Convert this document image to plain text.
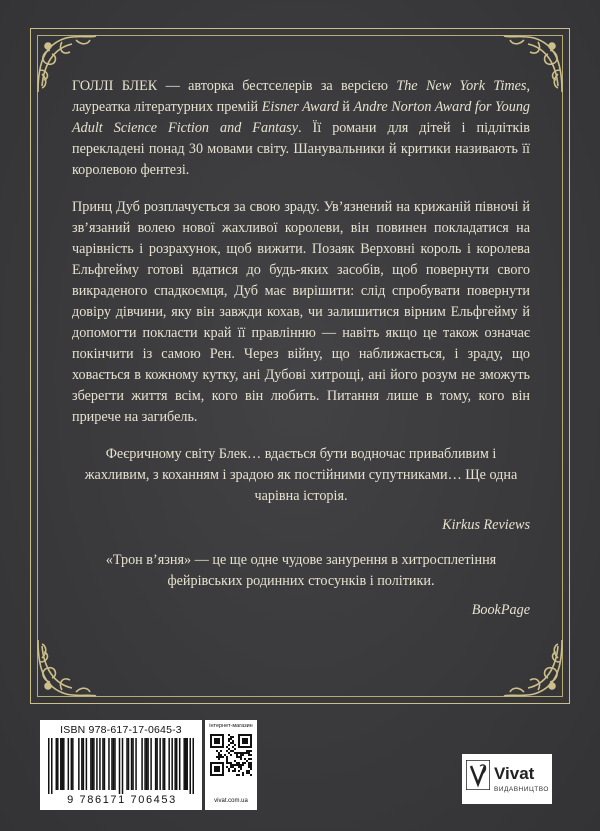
ГОЛЛІ БЛЕК — авторка бестселерів за версією The New York Times, лауреатка літературних премій Eisner Award й Andre Norton Award for Young Adult Science Fiction and Fantasy. Її романи для дітей і підлітків перекладені понад 30 мовами світу. Шанувальники й критики називають її королевою фентезі.

Принц Дуб розплачується за свою зраду. Ув’язнений на крижаній півночі й зв’язаний волею нової жахливої королеви, він повинен покладатися на чарівність і розрахунок, щоб вижити. Позаяк Верховні король і королева Ельфгейму готові вдатися до будь-яких засобів, щоб повернути свого викраденого спадкоємця, Дуб має вирішити: слід спробувати повернути довіру дівчини, яку він завжди кохав, чи залишитися вірним Ельфгейму й допомогти покласти край її правлінню — навіть якщо це також означає покінчити із самою Рен. Через війну, що наближається, і зраду, що ховається в кожному кутку, ані Дубові хитрощі, ані його розум не зможуть зберегти життя всім, кого він любить. Питання лише в тому, кого він прирече на загибель.

Феєричному світу Блек… вдається бути водночас привабливим і жахливим, з коханням і зрадою як постійними супутниками… Ще одна чарівна історія.

Kirkus Reviews

«Трон в’язня» — це ще одне чудове занурення в хитросплетіння фейрівських родинних стосунків і політики.

BookPage
ISBN 978-617-17-0645-3
9 786171 706453
інтернет-магазин
vivat.com.ua
Vivat
ВИДАВНИЦТВО
